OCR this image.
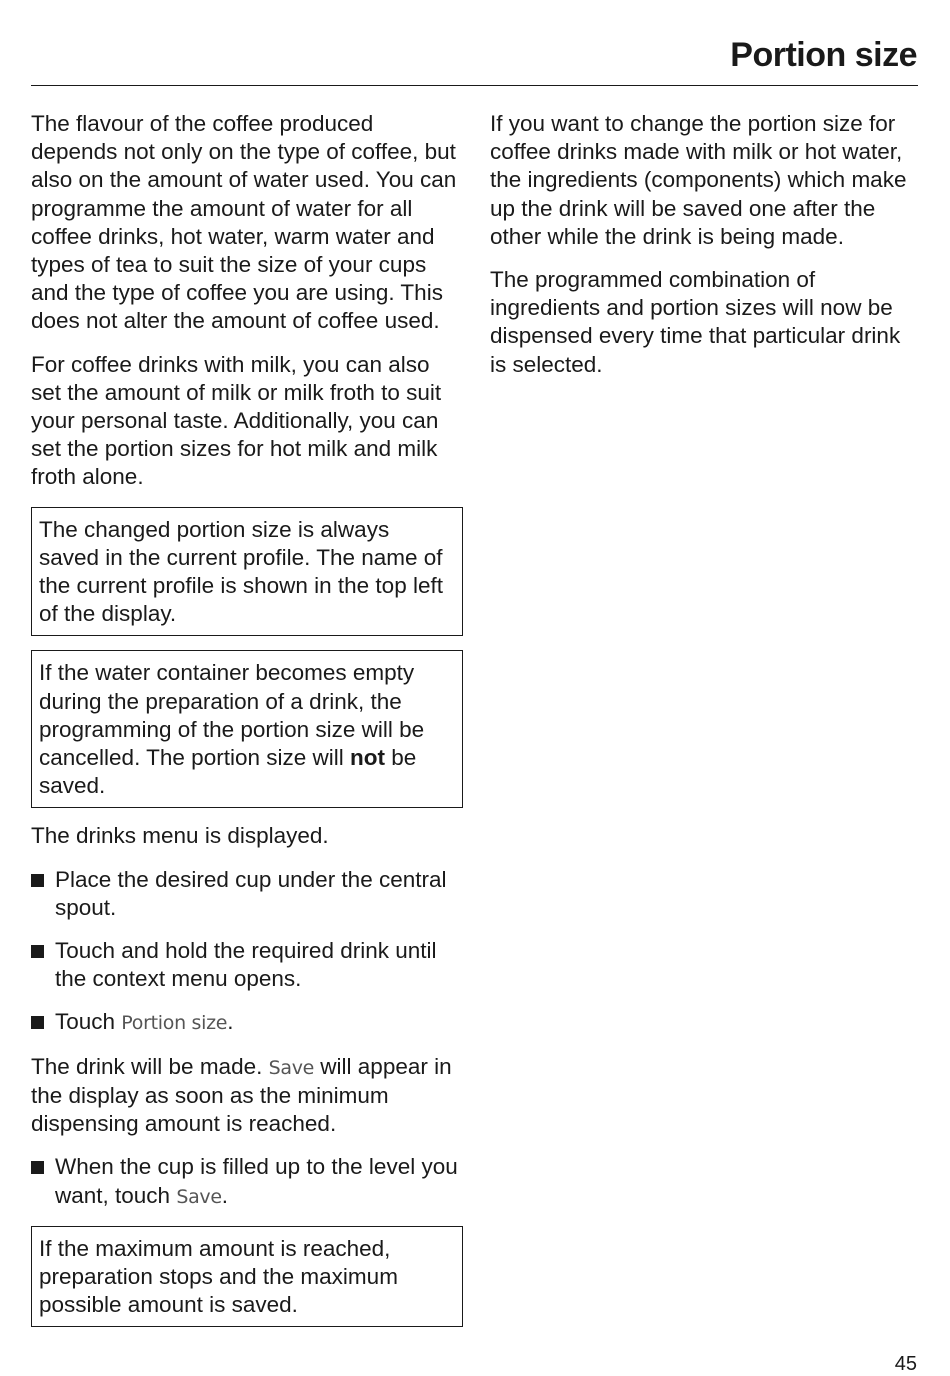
Portion size

The flavour of the coffee produced depends not only on the type of coffee, but also on the amount of water used. You can programme the amount of water for all coffee drinks, hot water, warm water and types of tea to suit the size of your cups and the type of coffee you are using. This does not alter the amount of coffee used.

For coffee drinks with milk, you can also set the amount of milk or milk froth to suit your personal taste. Additionally, you can set the portion sizes for hot milk and milk froth alone.

The changed portion size is always saved in the current profile. The name of the current profile is shown in the top left of the display.
If the water container becomes empty during the preparation of a drink, the programming of the portion size will be cancelled. The portion size will not be saved.

The drinks menu is displayed.

Place the desired cup under the central spout.
Touch and hold the required drink until the context menu opens.
Touch Portion size.

The drink will be made. Save will appear in the display as soon as the minimum dispensing amount is reached.

When the cup is filled up to the level you want, touch Save.
If the maximum amount is reached, preparation stops and the maximum possible amount is saved.

If you want to change the portion size for coffee drinks made with milk or hot water, the ingredients (components) which make up the drink will be saved one after the other while the drink is being made.

The programmed combination of ingredients and portion sizes will now be dispensed every time that particular drink is selected.

45
